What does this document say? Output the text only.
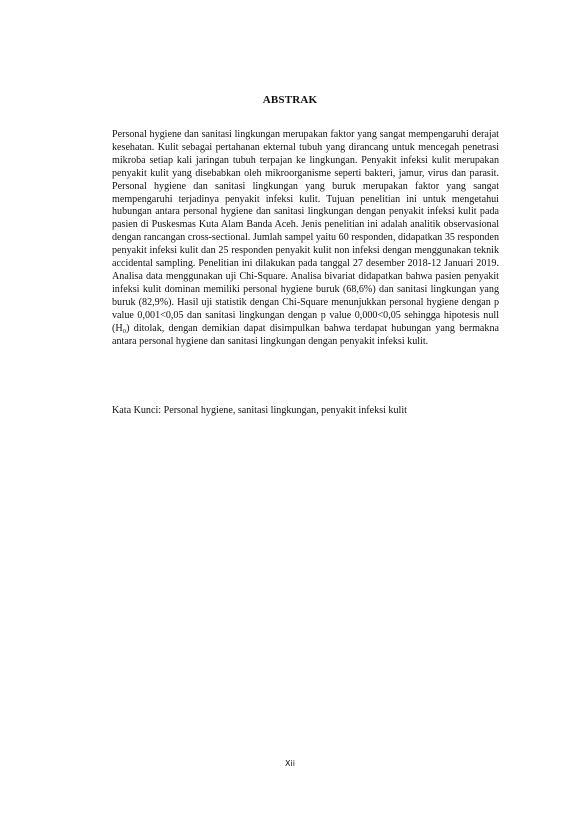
ABSTRAK

Personal hygiene dan sanitasi lingkungan merupakan faktor yang sangat mempengaruhi derajat kesehatan. Kulit sebagai pertahanan ekternal tubuh yang dirancang untuk mencegah penetrasi mikroba setiap kali jaringan tubuh terpajan ke lingkungan. Penyakit infeksi kulit merupakan penyakit kulit yang disebabkan oleh mikroorganisme seperti bakteri, jamur, virus dan parasit. Personal hygiene dan sanitasi lingkungan yang buruk merupakan faktor yang sangat mempengaruhi terjadinya penyakit infeksi kulit. Tujuan penelitian ini untuk mengetahui hubungan antara personal hygiene dan sanitasi lingkungan dengan penyakit infeksi kulit pada pasien di Puskesmas Kuta Alam Banda Aceh. Jenis penelitian ini adalah analitik observasional dengan rancangan cross-sectional. Jumlah sampel yaitu 60 responden, didapatkan 35 responden penyakit infeksi kulit dan 25 responden penyakit kulit non infeksi dengan menggunakan teknik accidental sampling. Penelitian ini dilakukan pada tanggal 27 desember 2018-12 Januari 2019. Analisa data menggunakan uji Chi-Square. Analisa bivariat didapatkan bahwa pasien penyakit infeksi kulit dominan memiliki personal hygiene buruk (68,6%) dan sanitasi lingkungan yang buruk (82,9%). Hasil uji statistik dengan Chi-Square menunjukkan personal hygiene dengan p value 0,001<0,05 dan sanitasi lingkungan dengan p value 0,000<0,05 sehingga hipotesis null (H₀) ditolak, dengan demikian dapat disimpulkan bahwa terdapat hubungan yang bermakna antara personal hygiene dan sanitasi lingkungan dengan penyakit infeksi kulit.

Kata Kunci: Personal hygiene, sanitasi lingkungan, penyakit infeksi kulit
Xii
